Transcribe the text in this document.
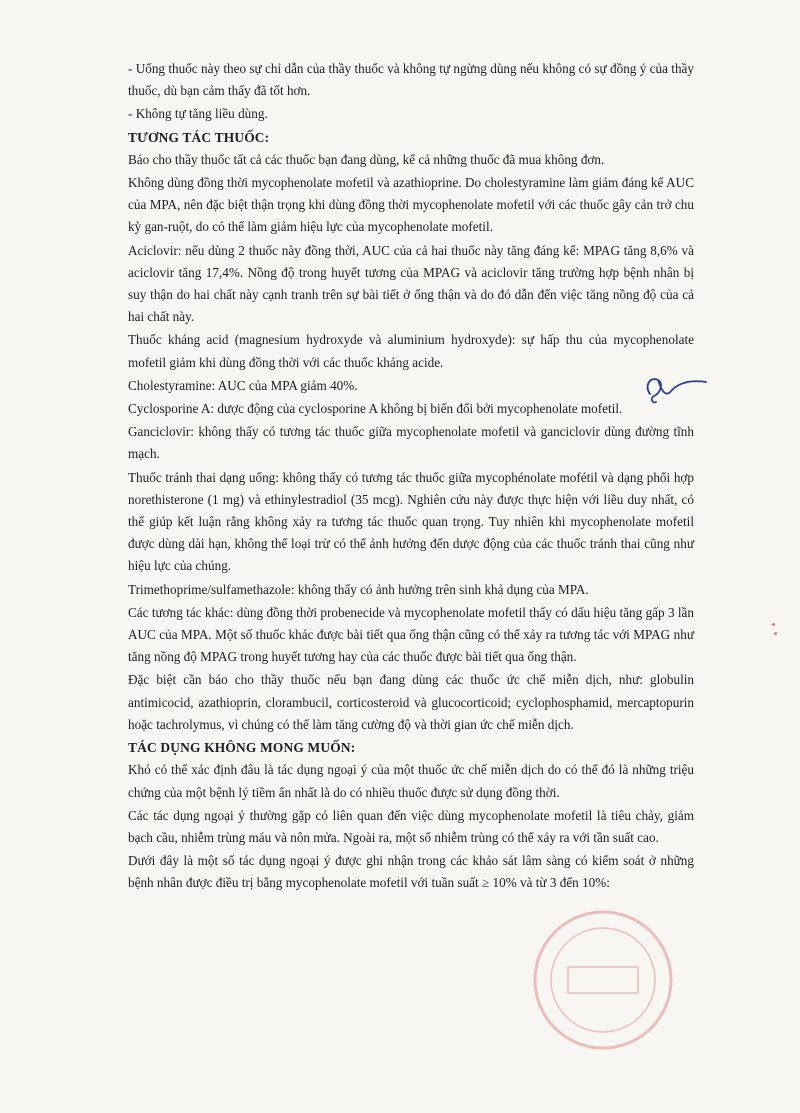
- Uống thuốc này theo sự chỉ dẫn của thầy thuốc và không tự ngừng dùng nếu không có sự đồng ý của thầy thuốc, dù bạn cảm thấy đã tốt hơn.

- Không tự tăng liều dùng.

TƯƠNG TÁC THUỐC:

Báo cho thầy thuốc tất cả các thuốc bạn đang dùng, kể cả những thuốc đã mua không đơn.

Không dùng đồng thời mycophenolate mofetil và azathioprine. Do cholestyramine làm giảm đáng kể AUC của MPA, nên đặc biệt thận trọng khi dùng đồng thời mycophenolate mofetil với các thuốc gây cản trở chu kỳ gan-ruột, do có thể làm giảm hiệu lực của mycophenolate mofetil.

Aciclovir: nếu dùng 2 thuốc này đồng thời, AUC của cả hai thuốc này tăng đáng kể: MPAG tăng 8,6% và aciclovir tăng 17,4%. Nồng độ trong huyết tương của MPAG và aciclovir tăng trường hợp bệnh nhân bị suy thận do hai chất này cạnh tranh trên sự bài tiết ở ống thận và do đó dẫn đến việc tăng nồng độ của cả hai chất này.

Thuốc kháng acid (magnesium hydroxyde và aluminium hydroxyde): sự hấp thu của mycophenolate mofetil giảm khi dùng đồng thời với các thuốc kháng acide.

Cholestyramine: AUC của MPA giảm 40%.

Cyclosporine A: dược động của cyclosporine A không bị biến đổi bởi mycophenolate mofetil.

Ganciclovir: không thấy có tương tác thuốc giữa mycophenolate mofetil và ganciclovir dùng đường tĩnh mạch.

Thuốc tránh thai dạng uống: không thấy có tương tác thuốc giữa mycophénolate mofétil và dạng phối hợp norethisterone (1 mg) và ethinylestradiol (35 mcg). Nghiên cứu này được thực hiện với liều duy nhất, có thể giúp kết luận rằng không xảy ra tương tác thuốc quan trọng. Tuy nhiên khi mycophenolate mofetil được dùng dài hạn, không thể loại trừ có thể ảnh hưởng đến dược động của các thuốc tránh thai cũng như hiệu lực của chúng.

Trimethoprime/sulfamethazole: không thấy có ảnh hưởng trên sinh khả dụng của MPA.

Các tương tác khác: dùng đồng thời probenecide và mycophenolate mofetil thấy có dấu hiệu tăng gấp 3 lần AUC của MPA. Một số thuốc khác được bài tiết qua ống thận cũng có thể xảy ra tương tác với MPAG như tăng nồng độ MPAG trong huyết tương hay của các thuốc được bài tiết qua ống thận.

Đặc biệt cần báo cho thầy thuốc nếu bạn đang dùng các thuốc ức chế miễn dịch, như: globulin antimicocid, azathioprin, clorambucil, corticosteroid và glucocorticoid; cyclophosphamid, mercaptopurin hoặc tachrolymus, vì chúng có thể làm tăng cường độ và thời gian ức chế miễn dịch.

TÁC DỤNG KHÔNG MONG MUỐN:

Khó có thể xác định đâu là tác dụng ngoại ý của một thuốc ức chế miễn dịch do có thể đó là những triệu chứng của một bệnh lý tiềm ẩn nhất là do có nhiều thuốc được sử dụng đồng thời.

Các tác dụng ngoại ý thường gặp có liên quan đến việc dùng mycophenolate mofetil là tiêu chảy, giảm bạch cầu, nhiễm trùng máu và nôn mửa. Ngoài ra, một số nhiễm trùng có thể xảy ra với tần suất cao.

Dưới đây là một số tác dụng ngoại ý được ghi nhận trong các khảo sát lâm sàng có kiểm soát ở những bệnh nhân được điều trị bằng mycophenolate mofetil với tuần suất ≥ 10% và từ 3 đến 10%:
